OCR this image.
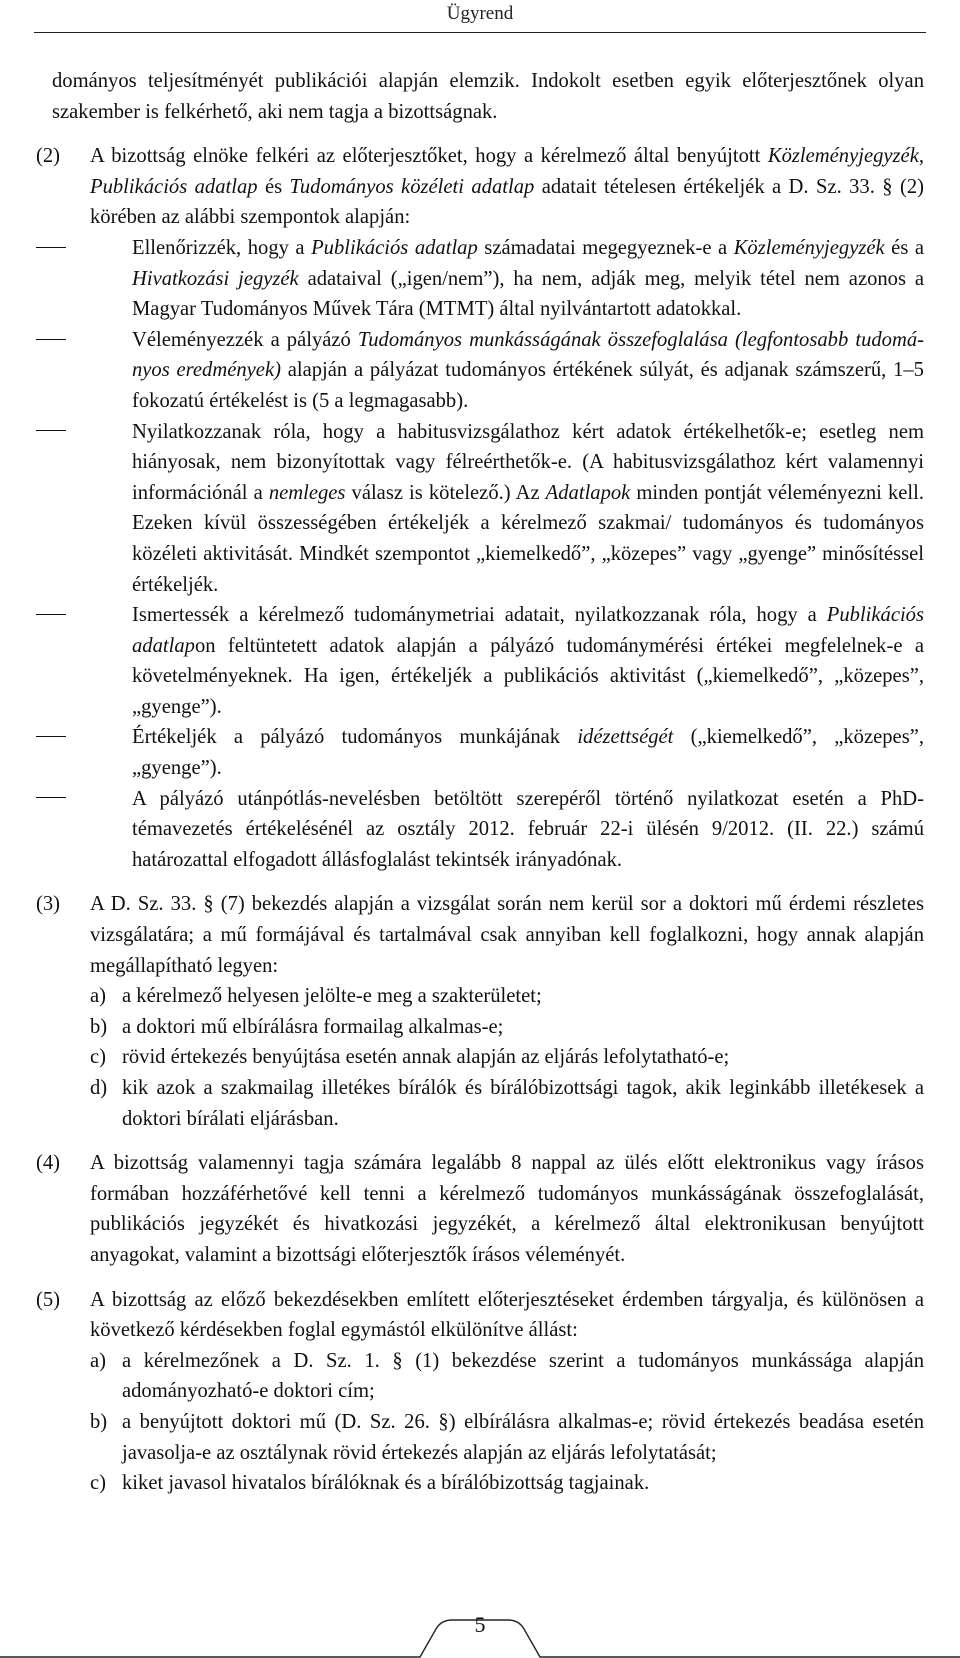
Ügyrend

dományos teljesítményét publikációi alapján elemzik. Indokolt esetben egyik előterjesztőnek olyan szakember is felkérhető, aki nem tagja a bizottságnak.

(2)	A bizottság elnöke felkéri az előterjesztőket, hogy a kérelmező által benyújtott Közleményjegyzék, Publikációs adatlap és Tudományos közéleti adatlap adatait tételesen értékeljék a D. Sz. 33. § (2) körében az alábbi szempontok alapján:
Ellenőrizzék, hogy a Publikációs adatlap számadatai megegyeznek-e a Közleményjegyzék és a Hivatkozási jegyzék adataival („igen/nem”), ha nem, adják meg, melyik tétel nem azonos a Magyar Tudományos Művek Tára (MTMT) által nyilvántartott adatokkal.
Véleményezzék a pályázó Tudományos munkásságának összefoglalása (legfontosabb tudományos eredmények) alapján a pályázat tudományos értékének súlyát, és adjanak számszerű, 1–5 fokozatú értékelést is (5 a legmagasabb).
Nyilatkozzanak róla, hogy a habitusvizsgálathoz kért adatok értékelhetők-e; esetleg nem hiányosak, nem bizonyítottak vagy félreérthetők-e. (A habitusvizsgálathoz kért valamennyi információnál a nemleges válasz is kötelező.) Az Adatlapok minden pontját véleményezni kell. Ezeken kívül összességében értékeljék a kérelmező szakmai/ tudományos és tudományos közéleti aktivitását. Mindkét szempontot „kiemelkedő”, „közepes” vagy „gyenge” minősítéssel értékeljék.
Ismertessék a kérelmező tudománymetriai adatait, nyilatkozzanak róla, hogy a Publikációs adatlapon feltüntetett adatok alapján a pályázó tudománymérési értékei megfelelnek-e a követelményeknek. Ha igen, értékeljék a publikációs aktivitást („kiemelkedő”, „közepes”, „gyenge”).
Értékeljék a pályázó tudományos munkájának idézettségét („kiemelkedő”, „közepes”, „gyenge”).
A pályázó utánpótlás-nevelésben betöltött szerepéről történő nyilatkozat esetén a PhD-témavezetés értékelésénél az osztály 2012. február 22-i ülésén 9/2012. (II. 22.) számú határozattal elfogadott állásfoglalást tekintsék irányadónak.
(3)	A D. Sz. 33. § (7) bekezdés alapján a vizsgálat során nem kerül sor a doktori mű érdemi részletes vizsgálatára; a mű formájával és tartalmával csak annyiban kell foglalkozni, hogy annak alapján megállapítható legyen:
a) a kérelmező helyesen jelölte-e meg a szakterületet;
b) a doktori mű elbírálásra formailag alkalmas-e;
c) rövid értekezés benyújtása esetén annak alapján az eljárás lefolytatható-e;
d) kik azok a szakmailag illetékes bírálók és bírálóbizottsági tagok, akik leginkább illetékesek a doktori bírálati eljárásban.
(4)	A bizottság valamennyi tagja számára legalább 8 nappal az ülés előtt elektronikus vagy írásos formában hozzáférhetővé kell tenni a kérelmező tudományos munkásságának összefoglalását, publikációs jegyzékét és hivatkozási jegyzékét, a kérelmező által elektronikusan benyújtott anyagokat, valamint a bizottsági előterjesztők írásos véleményét.
(5)	A bizottság az előző bekezdésekben említett előterjesztéseket érdemben tárgyalja, és különösen a következő kérdésekben foglal egymástól elkülönítve állást:
a) a kérelmezőnek a D. Sz. 1. § (1) bekezdése szerint a tudományos munkássága alapján adományozható-e doktori cím;
b) a benyújtott doktori mű (D. Sz. 26. §) elbírálásra alkalmas-e; rövid értekezés beadása esetén javasolja-e az osztálynak rövid értekezés alapján az eljárás lefolytatását;
c) kiket javasol hivatalos bírálóknak és a bírálóbizottság tagjainak.
5
